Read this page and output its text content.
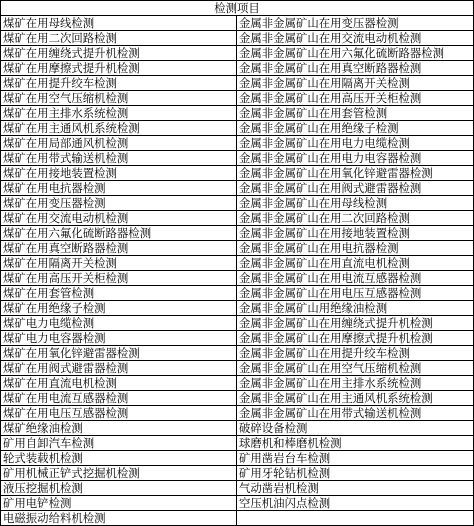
检测项目	
煤矿在用母线检测	金属非金属矿山在用变压器检测
煤矿在用二次回路检测	金属非金属矿山在用交流电动机检测
煤矿在用缠绕式提升机检测	金属非金属矿山在用六氟化硫断路器检测
煤矿在用摩擦式提升机检测	金属非金属矿山在用真空断路器检测
煤矿在用提升绞车检测	金属非金属矿山在用隔离开关检测
煤矿在用空气压缩机检测	金属非金属矿山在用高压开关柜检测
煤矿在用主排水系统检测	金属非金属矿山在用套管检测
煤矿在用主通风机系统检测	金属非金属矿山在用绝缘子检测
煤矿在用局部通风机检测	金属非金属矿山在用电力电缆检测
煤矿在用带式输送机检测	金属非金属矿山在用电力电容器检测
煤矿在用接地装置检测	金属非金属矿山在用氧化锌避雷器检测
煤矿在用电抗器检测	金属非金属矿山在用阀式避雷器检测
煤矿在用变压器检测	金属非金属矿山在用母线检测
煤矿在用交流电动机检测	金属非金属矿山在用二次回路检测
煤矿在用六氟化硫断路器检测	金属非金属矿山在用接地装置检测
煤矿在用真空断路器检测	金属非金属矿山在用电抗器检测
煤矿在用隔离开关检测	金属非金属矿山在用直流电机检测
煤矿在用高压开关柜检测	金属非金属矿山在用电流互感器检测
煤矿在用套管检测	金属非金属矿山在用电压互感器检测
煤矿在用绝缘子检测	金属非金属矿山用绝缘油检测
煤矿电力电缆检测	金属非金属矿山在用缠绕式提升机检测
煤矿电力电容器检测	金属非金属矿山在用摩擦式提升机检测
煤矿在用氧化锌避雷器检测	金属非金属矿山在用提升绞车检测
煤矿在用阀式避雷器检测	金属非金属矿山在用空气压缩机检测
煤矿在用直流电机检测	金属非金属矿山在用主排水系统检测
煤矿在用电流互感器检测	金属非金属矿山在用主通风机系统检测
煤矿在用电压互感器检测	金属非金属矿山在用带式输送机检测
煤矿绝缘油检测	破碎设备检测
矿用自卸汽车检测	球磨机和棒磨机检测
轮式装载机检测	矿用凿岩台车检测
矿用机械正铲式挖掘机检测	矿用牙轮钻机检测
液压挖掘机检测	气动凿岩机检测
矿用电铲检测	空压机油闪点检测
电磁振动给料机检测	
